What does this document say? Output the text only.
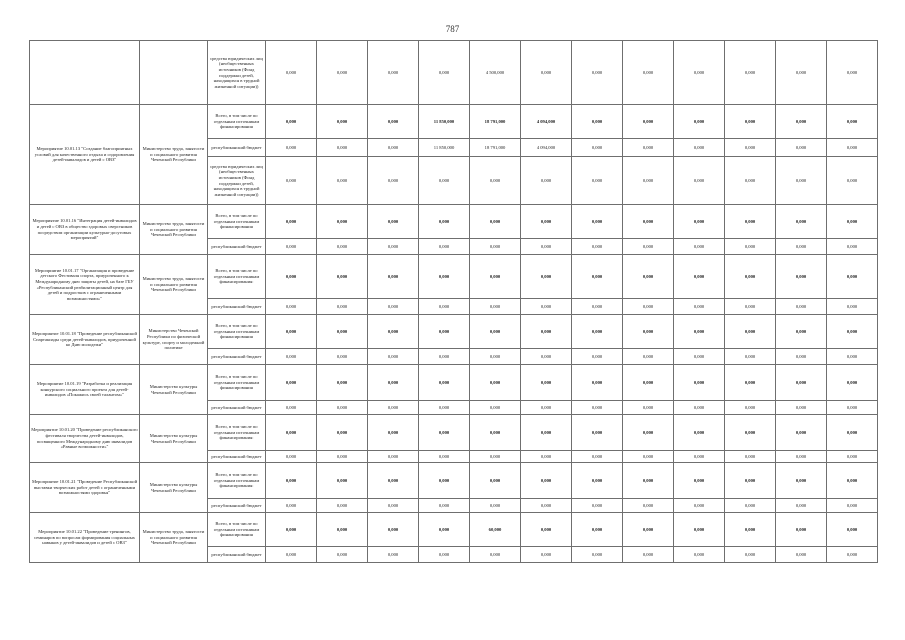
787
		средства юридических лиц (необщественных источников (Фонд поддержки детей, находящихся в трудной жизненной ситуации))	0,000	0,000	0,000	0,000	4 500,000	0,000	0,000	0,000	0,000	0,000	0,000	0,000
Мероприятие 10.01.13 "Создание благоприятных условий для качественного отдыха и оздоровления детей-инвалидов и детей с ОВЗ"	Министерство труда, занятости и социального развития Чеченской Республики	Всего, в том числе по отдельным источникам финансирования	0,000	0,000	0,000	11 850,000	18 791,000	4 094,000	0,000	0,000	0,000	0,000	0,000	0,000
		республиканский бюджет	0,000	0,000	0,000	11 850,000	18 791,000	4 094,000	0,000	0,000	0,000	0,000	0,000	0,000
		средства юридических лиц (необщественных источников (Фонд поддержки детей, находящихся в трудной жизненной ситуации))	0,000	0,000	0,000	0,000	0,000	0,000	0,000	0,000	0,000	0,000	0,000	0,000
Мероприятие 10.01.16 "Интеграция детей-инвалидов и детей с ОВЗ в общество здоровых сверстников посредством организации культурно-досуговых мероприятий"	Министерство труда, занятости и социального развития Чеченской Республики	Всего, в том числе по отдельным источникам финансирования	0,000	0,000	0,000	0,000	0,000	0,000	0,000	0,000	0,000	0,000	0,000	0,000
		республиканский бюджет	0,000	0,000	0,000	0,000	0,000	0,000	0,000	0,000	0,000	0,000	0,000	0,000
Мероприятие 10.01.17 "Организация и проведение детского Фестиваля спорта, приуроченного к Международному дню защиты детей, на базе ГБУ «Республиканский реабилитационный центр для детей и подростков с ограниченными возможностями»"	Министерство труда, занятости и социального развития Чеченской Республики	Всего, в том числе по отдельным источникам финансирования:	0,000	0,000	0,000	0,000	0,000	0,000	0,000	0,000	0,000	0,000	0,000	0,000
		республиканский бюджет	0,000	0,000	0,000	0,000	0,000	0,000	0,000	0,000	0,000	0,000	0,000	0,000
Мероприятие 10.01.18 "Проведение республиканской Спартакиады среди детей-инвалидов, приуроченной ко Дню молодежи"	Министерство Чеченской Республики по физической культуре, спорту и молодежной политике	Всего, в том числе по отдельным источникам финансирования	0,000	0,000	0,000	0,000	0,000	0,000	0,000	0,000	0,000	0,000	0,000	0,000
		республиканский бюджет	0,000	0,000	0,000	0,000	0,000	0,000	0,000	0,000	0,000	0,000	0,000	0,000
Мероприятие 10.01.19 "Разработка и реализация конкурсного социального проекта для детей-инвалидов «Покажись своей талантом»"	Министерство культуры Чеченской Республики	Всего, в том числе по отдельным источникам финансирования	0,000	0,000	0,000	0,000	0,000	0,000	0,000	0,000	0,000	0,000	0,000	0,000
		республиканский бюджет	0,000	0,000	0,000	0,000	0,000	0,000	0,000	0,000	0,000	0,000	0,000	0,000
Мероприятие 10.01.20 "Проведение республиканского фестиваля творчества детей-инвалидов, посвященного Международному дню инвалидов «Равные возможности»"	Министерство культуры Чеченской Республики	Всего, в том числе по отдельным источникам финансирования:	0,000	0,000	0,000	0,000	0,000	0,000	0,000	0,000	0,000	0,000	0,000	0,000
		республиканский бюджет	0,000	0,000	0,000	0,000	0,000	0,000	0,000	0,000	0,000	0,000	0,000	0,000
Мероприятие 10.01.21 "Проведение Республиканской выставки творческих работ детей с ограниченными возможностями здоровья"	Министерство культуры Чеченской Республики	Всего, в том числе по отдельным источникам финансирования:	0,000	0,000	0,000	0,000	0,000	0,000	0,000	0,000	0,000	0,000	0,000	0,000
		республиканский бюджет	0,000	0,000	0,000	0,000	0,000	0,000	0,000	0,000	0,000	0,000	0,000	0,000
Мероприятие 10.01.22 "Проведение тренингов, семинаров по вопросам формирования социальных навыков у детей-инвалидов и детей с ОВЗ"	Министерство труда, занятости и социального развития Чеченской Республики	Всего, в том числе по отдельным источникам финансирования	0,000	0,000	0,000	0,000	60,000	0,000	0,000	0,000	0,000	0,000	0,000	0,000
		республиканский бюджет	0,000	0,000	0,000	0,000	0,000	0,000	0,000	0,000	0,000	0,000	0,000	0,000
